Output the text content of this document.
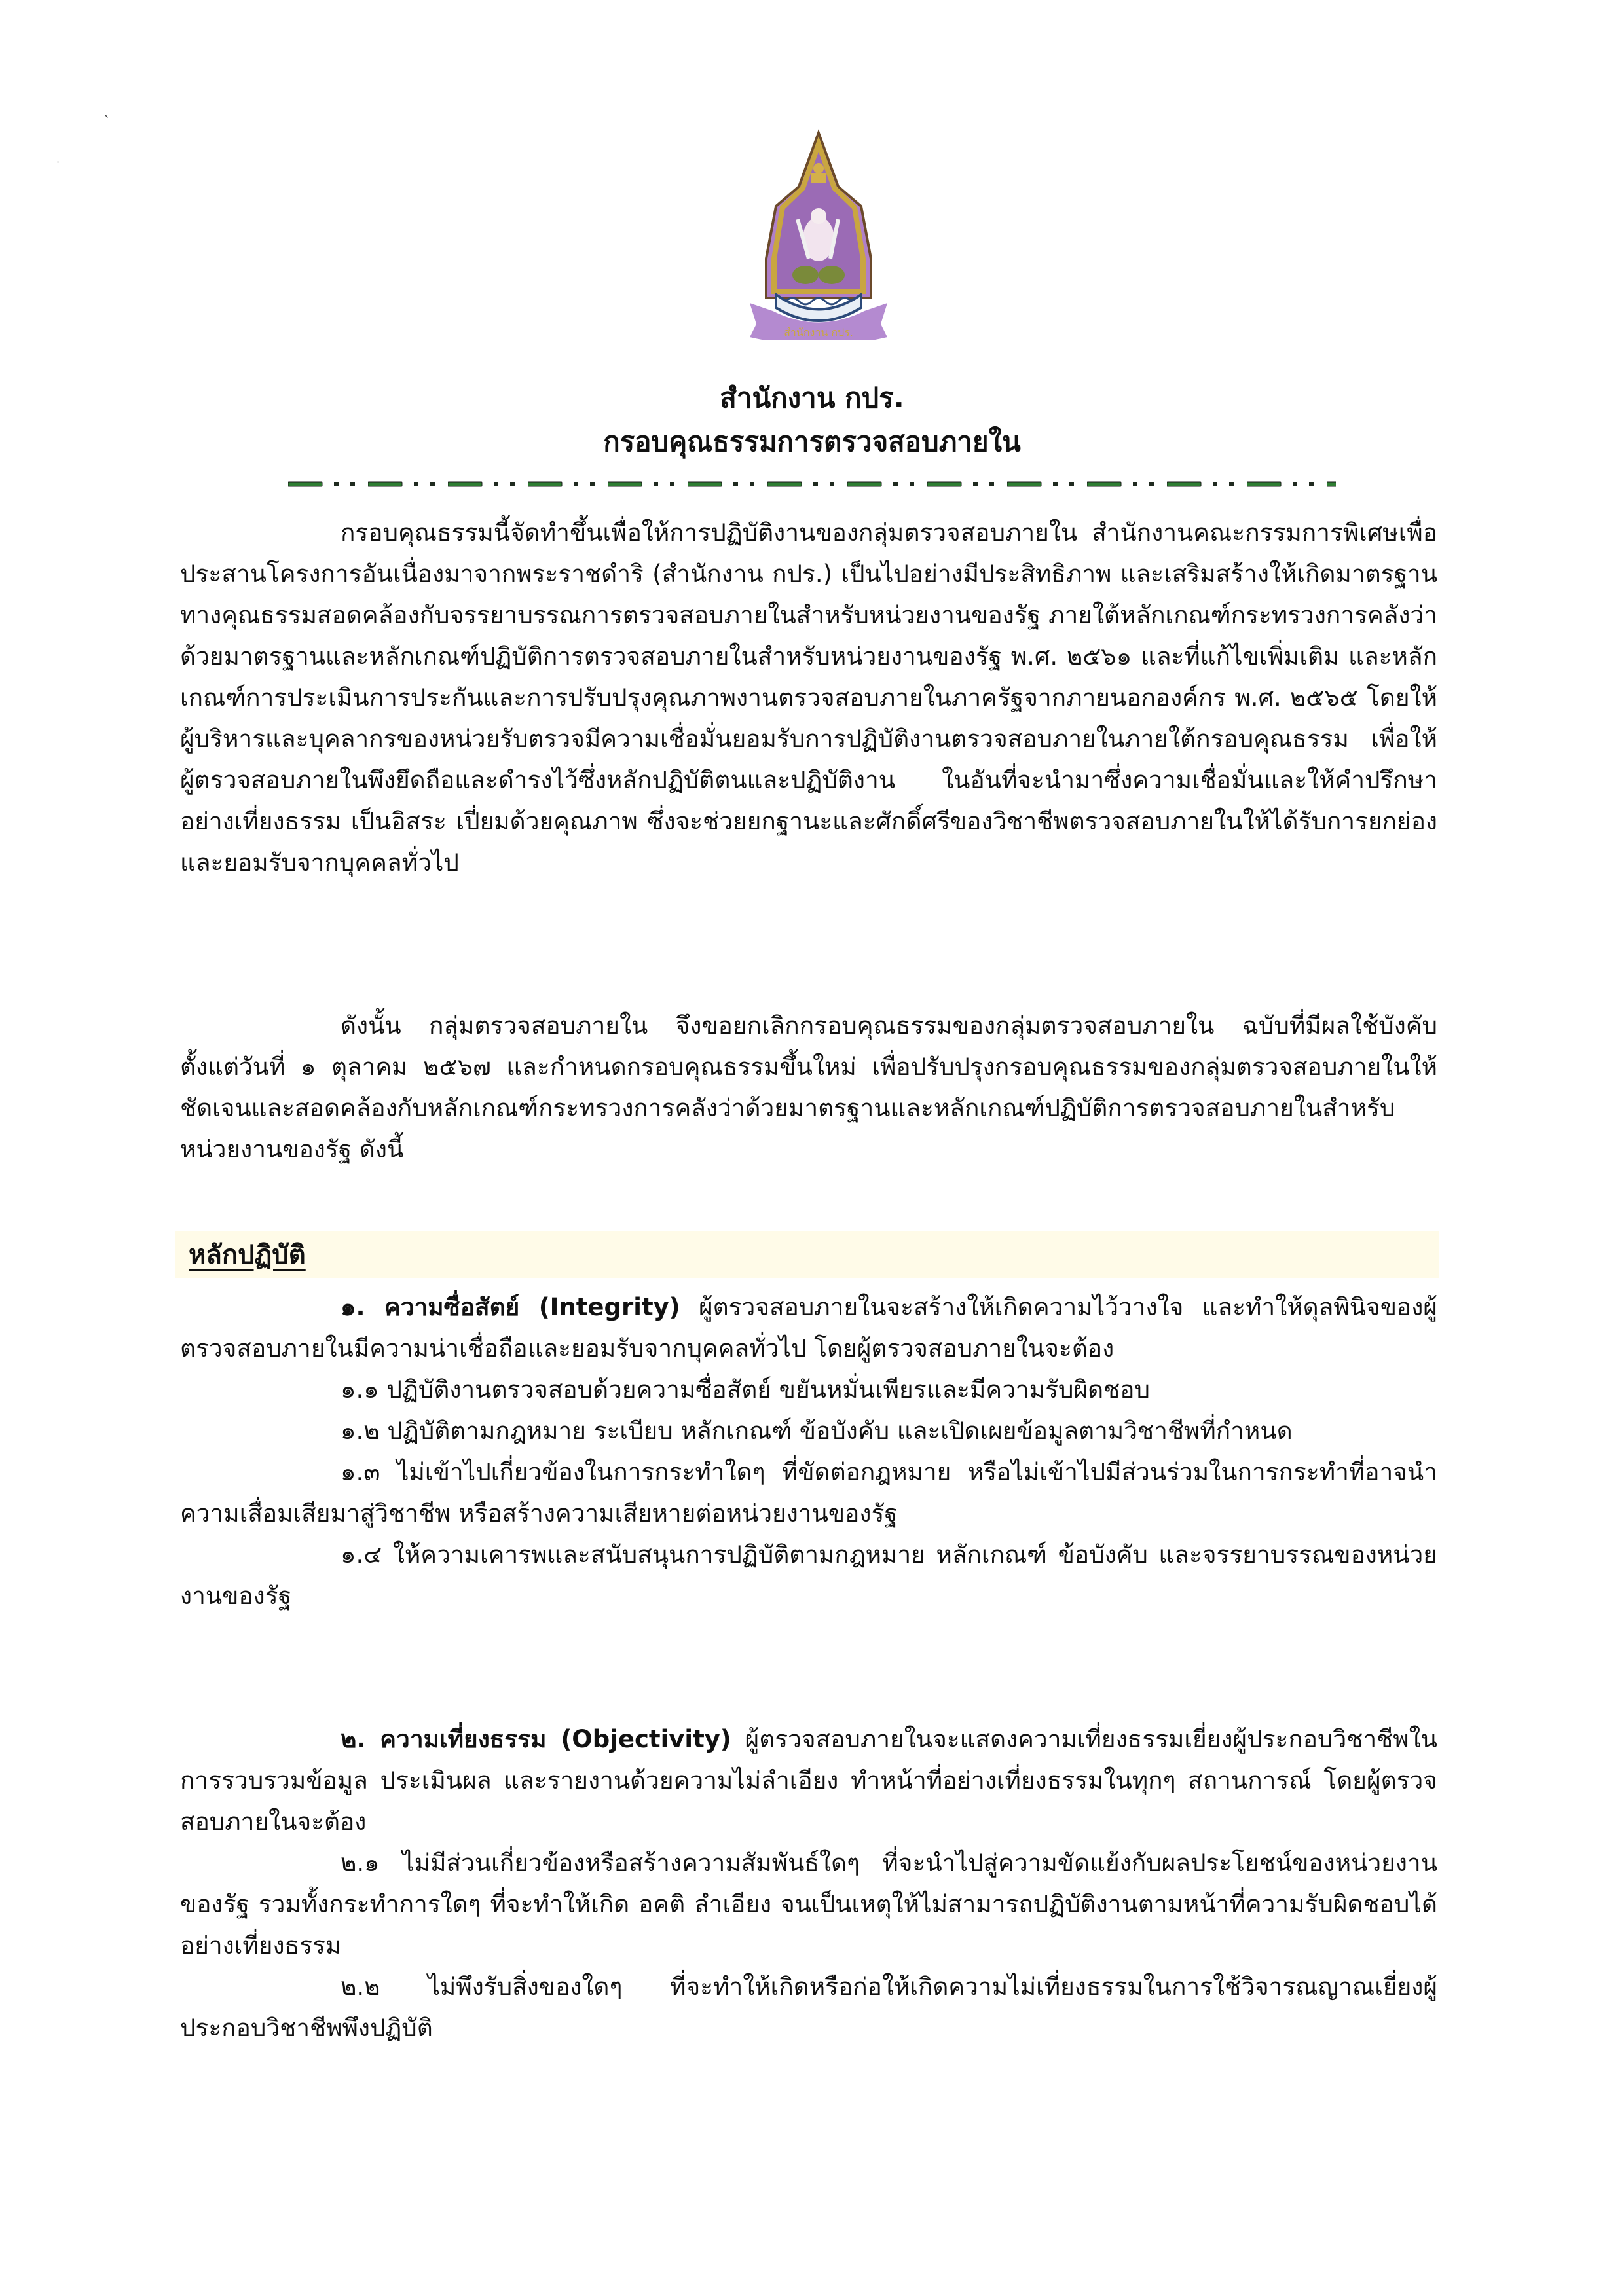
ˎ
·
สำนักงาน กปร.
สำนักงาน กปร.
กรอบคุณธรรมการตรวจสอบภายใน

กรอบคุณธรรมนี้จัดทำขึ้นเพื่อให้การปฏิบัติงานของกลุ่มตรวจสอบภายใน สำนักงานคณะกรรมการพิเศษเพื่อประสานโครงการอันเนื่องมาจากพระราชดำริ (สำนักงาน กปร.) เป็นไปอย่างมีประสิทธิภาพ และเสริมสร้างให้เกิดมาตรฐานทางคุณธรรมสอดคล้องกับจรรยาบรรณการตรวจสอบภายในสำหรับหน่วยงานของรัฐ ภายใต้หลักเกณฑ์กระทรวงการคลังว่าด้วยมาตรฐานและหลักเกณฑ์ปฏิบัติการตรวจสอบภายในสำหรับหน่วยงานของรัฐ พ.ศ. ๒๕๖๑ และที่แก้ไขเพิ่มเติม และหลักเกณฑ์การประเมินการประกันและการปรับปรุงคุณภาพงานตรวจสอบภายในภาครัฐจากภายนอกองค์กร พ.ศ. ๒๕๖๕ โดยให้ผู้บริหารและบุคลากรของหน่วยรับตรวจมีความเชื่อมั่นยอมรับการปฏิบัติงานตรวจสอบภายในภายใต้กรอบคุณธรรม เพื่อให้ผู้ตรวจสอบภายในพึงยึดถือและดำรงไว้ซึ่งหลักปฏิบัติตนและปฏิบัติงาน ในอันที่จะนำมาซึ่งความเชื่อมั่นและให้คำปรึกษาอย่างเที่ยงธรรม เป็นอิสระ เปี่ยมด้วยคุณภาพ ซึ่งจะช่วยยกฐานะและศักดิ์ศรีของวิชาชีพตรวจสอบภายในให้ได้รับการยกย่องและยอมรับจากบุคคลทั่วไป

ดังนั้น กลุ่มตรวจสอบภายใน จึงขอยกเลิกกรอบคุณธรรมของกลุ่มตรวจสอบภายใน ฉบับที่มีผลใช้บังคับ ตั้งแต่วันที่ ๑ ตุลาคม ๒๕๖๗ และกำหนดกรอบคุณธรรมขึ้นใหม่ เพื่อปรับปรุงกรอบคุณธรรมของกลุ่มตรวจสอบภายในให้ชัดเจนและสอดคล้องกับหลักเกณฑ์กระทรวงการคลังว่าด้วยมาตรฐานและหลักเกณฑ์ปฏิบัติการตรวจสอบภายในสำหรับหน่วยงานของรัฐ ดังนี้

หลักปฏิบัติ

๑. ความซื่อสัตย์ (Integrity) ผู้ตรวจสอบภายในจะสร้างให้เกิดความไว้วางใจ และทำให้ดุลพินิจของผู้ตรวจสอบภายในมีความน่าเชื่อถือและยอมรับจากบุคคลทั่วไป โดยผู้ตรวจสอบภายในจะต้อง

๑.๑ ปฏิบัติงานตรวจสอบด้วยความซื่อสัตย์ ขยันหมั่นเพียรและมีความรับผิดชอบ

๑.๒ ปฏิบัติตามกฎหมาย ระเบียบ หลักเกณฑ์ ข้อบังคับ และเปิดเผยข้อมูลตามวิชาชีพที่กำหนด

๑.๓ ไม่เข้าไปเกี่ยวข้องในการกระทำใดๆ ที่ขัดต่อกฎหมาย หรือไม่เข้าไปมีส่วนร่วมในการกระทำที่อาจนำความเสื่อมเสียมาสู่วิชาชีพ หรือสร้างความเสียหายต่อหน่วยงานของรัฐ

๑.๔ ให้ความเคารพและสนับสนุนการปฏิบัติตามกฎหมาย หลักเกณฑ์ ข้อบังคับ และจรรยาบรรณของหน่วยงานของรัฐ

๒. ความเที่ยงธรรม (Objectivity) ผู้ตรวจสอบภายในจะแสดงความเที่ยงธรรมเยี่ยงผู้ประกอบวิชาชีพในการรวบรวมข้อมูล ประเมินผล และรายงานด้วยความไม่ลำเอียง ทำหน้าที่อย่างเที่ยงธรรมในทุกๆ สถานการณ์ โดยผู้ตรวจสอบภายในจะต้อง

๒.๑ ไม่มีส่วนเกี่ยวข้องหรือสร้างความสัมพันธ์ใดๆ ที่จะนำไปสู่ความขัดแย้งกับผลประโยชน์ของหน่วยงานของรัฐ รวมทั้งกระทำการใดๆ ที่จะทำให้เกิด อคติ ลำเอียง จนเป็นเหตุให้ไม่สามารถปฏิบัติงานตามหน้าที่ความรับผิดชอบได้อย่างเที่ยงธรรม

๒.๒ ไม่พึงรับสิ่งของใดๆ ที่จะทำให้เกิดหรือก่อให้เกิดความไม่เที่ยงธรรมในการใช้วิจารณญาณเยี่ยงผู้ประกอบวิชาชีพพึงปฏิบัติ
